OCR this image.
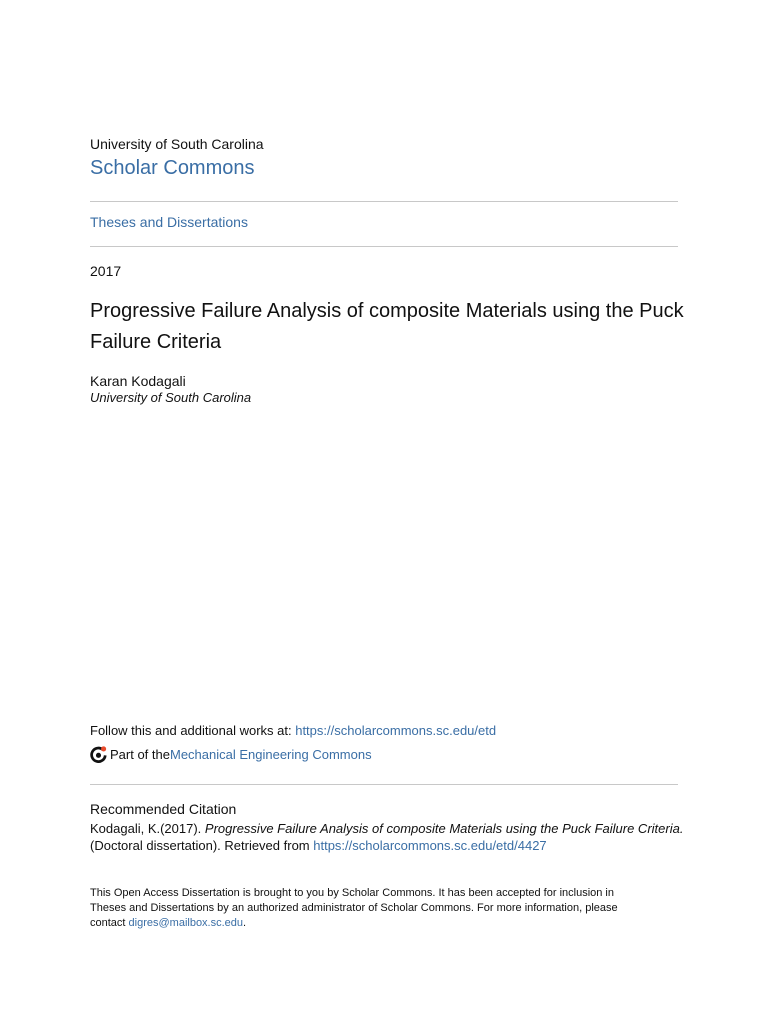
University of South Carolina
Scholar Commons
Theses and Dissertations
2017
Progressive Failure Analysis of composite Materials using the Puck Failure Criteria
Karan Kodagali
University of South Carolina
Follow this and additional works at: https://scholarcommons.sc.edu/etd
Part of the Mechanical Engineering Commons
Recommended Citation
Kodagali, K.(2017). Progressive Failure Analysis of composite Materials using the Puck Failure Criteria.
(Doctoral dissertation). Retrieved from https://scholarcommons.sc.edu/etd/4427
This Open Access Dissertation is brought to you by Scholar Commons. It has been accepted for inclusion in Theses and Dissertations by an authorized administrator of Scholar Commons. For more information, please contact digres@mailbox.sc.edu.
